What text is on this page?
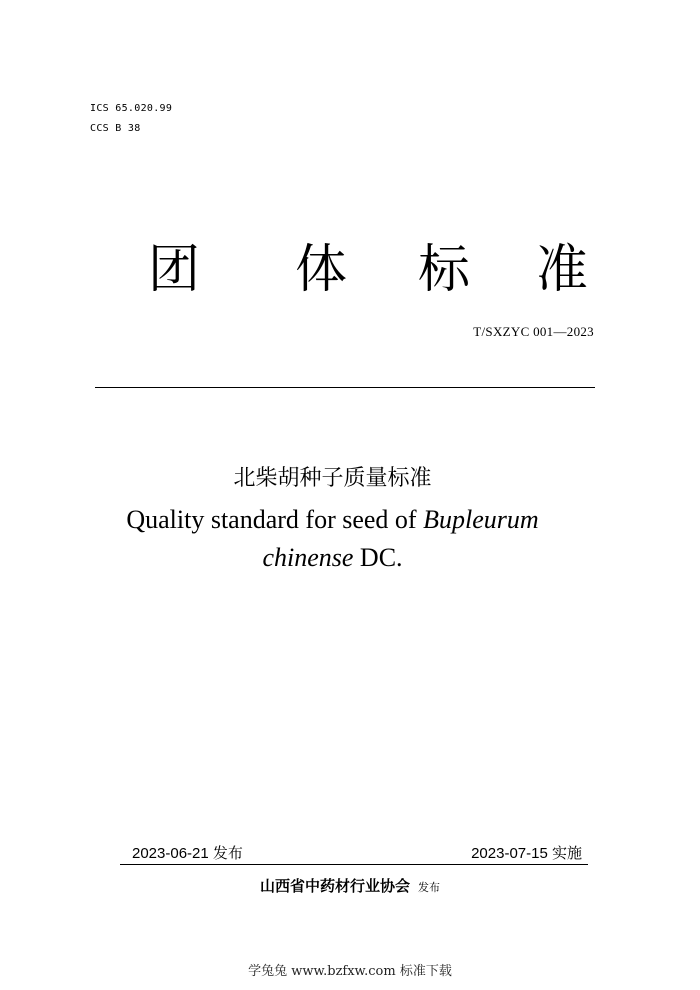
ICS 65.020.99
CCS B 38
团 体 标 准
T/SXZYC 001—2023
北柴胡种子质量标准
Quality standard for seed of Bupleurum
chinense DC.
2023-06-21 发布	2023-07-15 实施
山西省中药材行业协会 发布
学兔兔 www.bzfxw.com 标准下载
